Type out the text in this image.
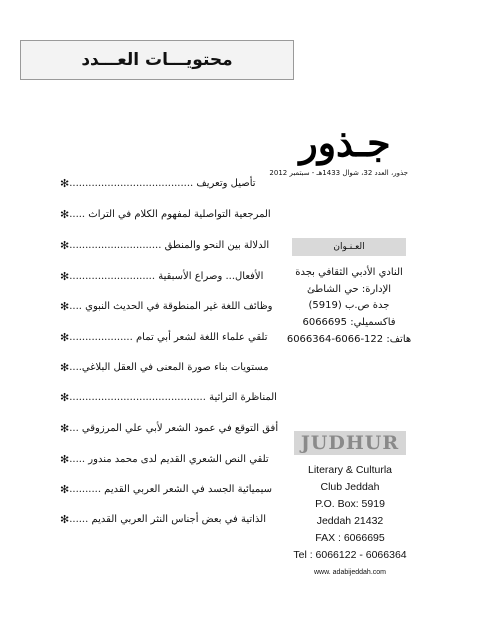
محتويـــات العـــدد
✻ تأصيل وتعريف .......................................
✻ المرجعية التواصلية لمفهوم الكلام في التراث .....
✻ الدلالة بين النحو والمنطق .............................
✻ الأفعال... وصراع الأسبقية ...........................
✻ وظائف اللغة غير المنطوقة في الحديث النبوي ....
✻ تلقي علماء اللغة لشعر أبي تمام ....................
✻ مستويات بناء صورة المعنى في العقل البلاغي....
✻ المناظرة التراثية ...........................................
✻ أفق التوقع في عمود الشعر لأبي علي المرزوقي ...
✻ تلقي النص الشعري القديم لدى محمد مندور .....
✻ سيميائية الجسد في الشعر العربي القديم ..........
✻ الذاتية في بعض أجناس النثر العربي القديم ......
جـذور
جذور، العدد 32، شوال 1433هـ - سبتمبر 2012
العـنـوان
النادي الأدبي الثقافي بجدة
الإدارة: حي الشاطئ
جدة ص.ب (5919)
فاكسميلي: 6066695
هاتف: 122-6066-6066364
JUDHUR
Literary & Culturla
Club Jeddah
P.O. Box: 5919
Jeddah 21432
FAX : 6066695
Tel : 6066122 - 6066364
www. adabijeddah.com
